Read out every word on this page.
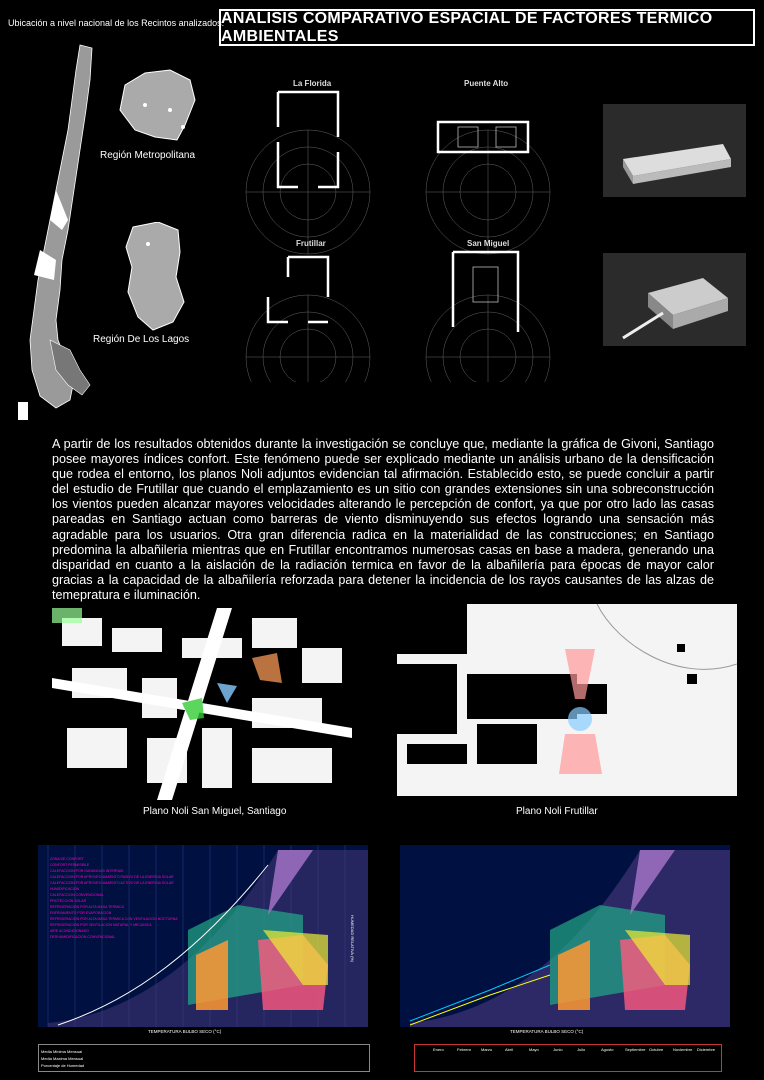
Ubicación a nivel nacional de los Recintos analizados.
ANALISIS COMPARATIVO ESPACIAL DE FACTORES TERMICO AMBIENTALES
Región Metropolitana
Región De Los Lagos
La Florida	Puente Alto
Frutillar	San Miguel
A partir de los resultados obtenidos durante la investigación se concluye que, mediante la gráfica de Givoni, Santiago posee mayores índices confort. Este fenómeno puede ser explicado mediante un análisis urbano de la densificación que rodea el entorno, los planos Noli adjuntos evidencian tal afirmación. Establecido esto, se puede concluir a partir del estudio de Frutillar que cuando el emplazamiento es un sitio con grandes extensiones sin una sobreconstrucción los vientos pueden alcanzar mayores velocidades alterando le percepción de confort, ya que por otro lado las casas pareadas en Santiago actuan como barreras de viento disminuyendo sus efectos logrando una sensación más agradable para los usuarios. Otra gran diferencia radica en la materialidad de las construcciones; en Santiago predomina la albañileria mientras que en Frutillar encontramos numerosas casas en base a madera, generando una disparidad en cuanto a la aislación de la radiación termica en favor de la albañilería para épocas de mayor calor gracias a la capacidad de la albañilería reforzada para detener la incidencia de los rayos causantes de las alzas de temepratura e iluminación.
Plano Noli San Miguel, Santiago	Plano Noli Frutillar
ZONA DE CONFORT
CONFORT PERMISIBLE
CALEFACCION POR GANANCIAS INTERNAS
CALEFACCION POR APROVECHAMIENTO PASIVO DE LA ENERGIA SOLAR
CALEFACCION POR APROVECHAMIENTO ACTIVO DE LA ENERGIA SOLAR
HUMIDIFICACION
CALEFACCION CONVENCIONAL
PROTECCION SOLAR
REFRIGERACION POR ALTA MASA TERMICA
ENFRIAMIENTO POR EVAPORACION
REFRIGERACION POR ALTA MASA TERMICA CON VENTILACION NOCTURNA
REFRIGERACION POR VENTILACION NATURAL Y MECANICA
AIRE ACONDICIONADO
DESHUMIDIFICACION CONVENCIONAL
TEMPERATURA BULBO SECO (°C)
HUMEDAD RELATIVA (%)
TEMPERATURA BULBO SECO (°C)
Media Minima Mensual
Media Maxima Mensual
Porcentaje de Humedad
Enero	Febrero Marzo	Abril	Mayo	Junio	Julio	Agosto	Septiembre Octubre Noviembre Diciembre
